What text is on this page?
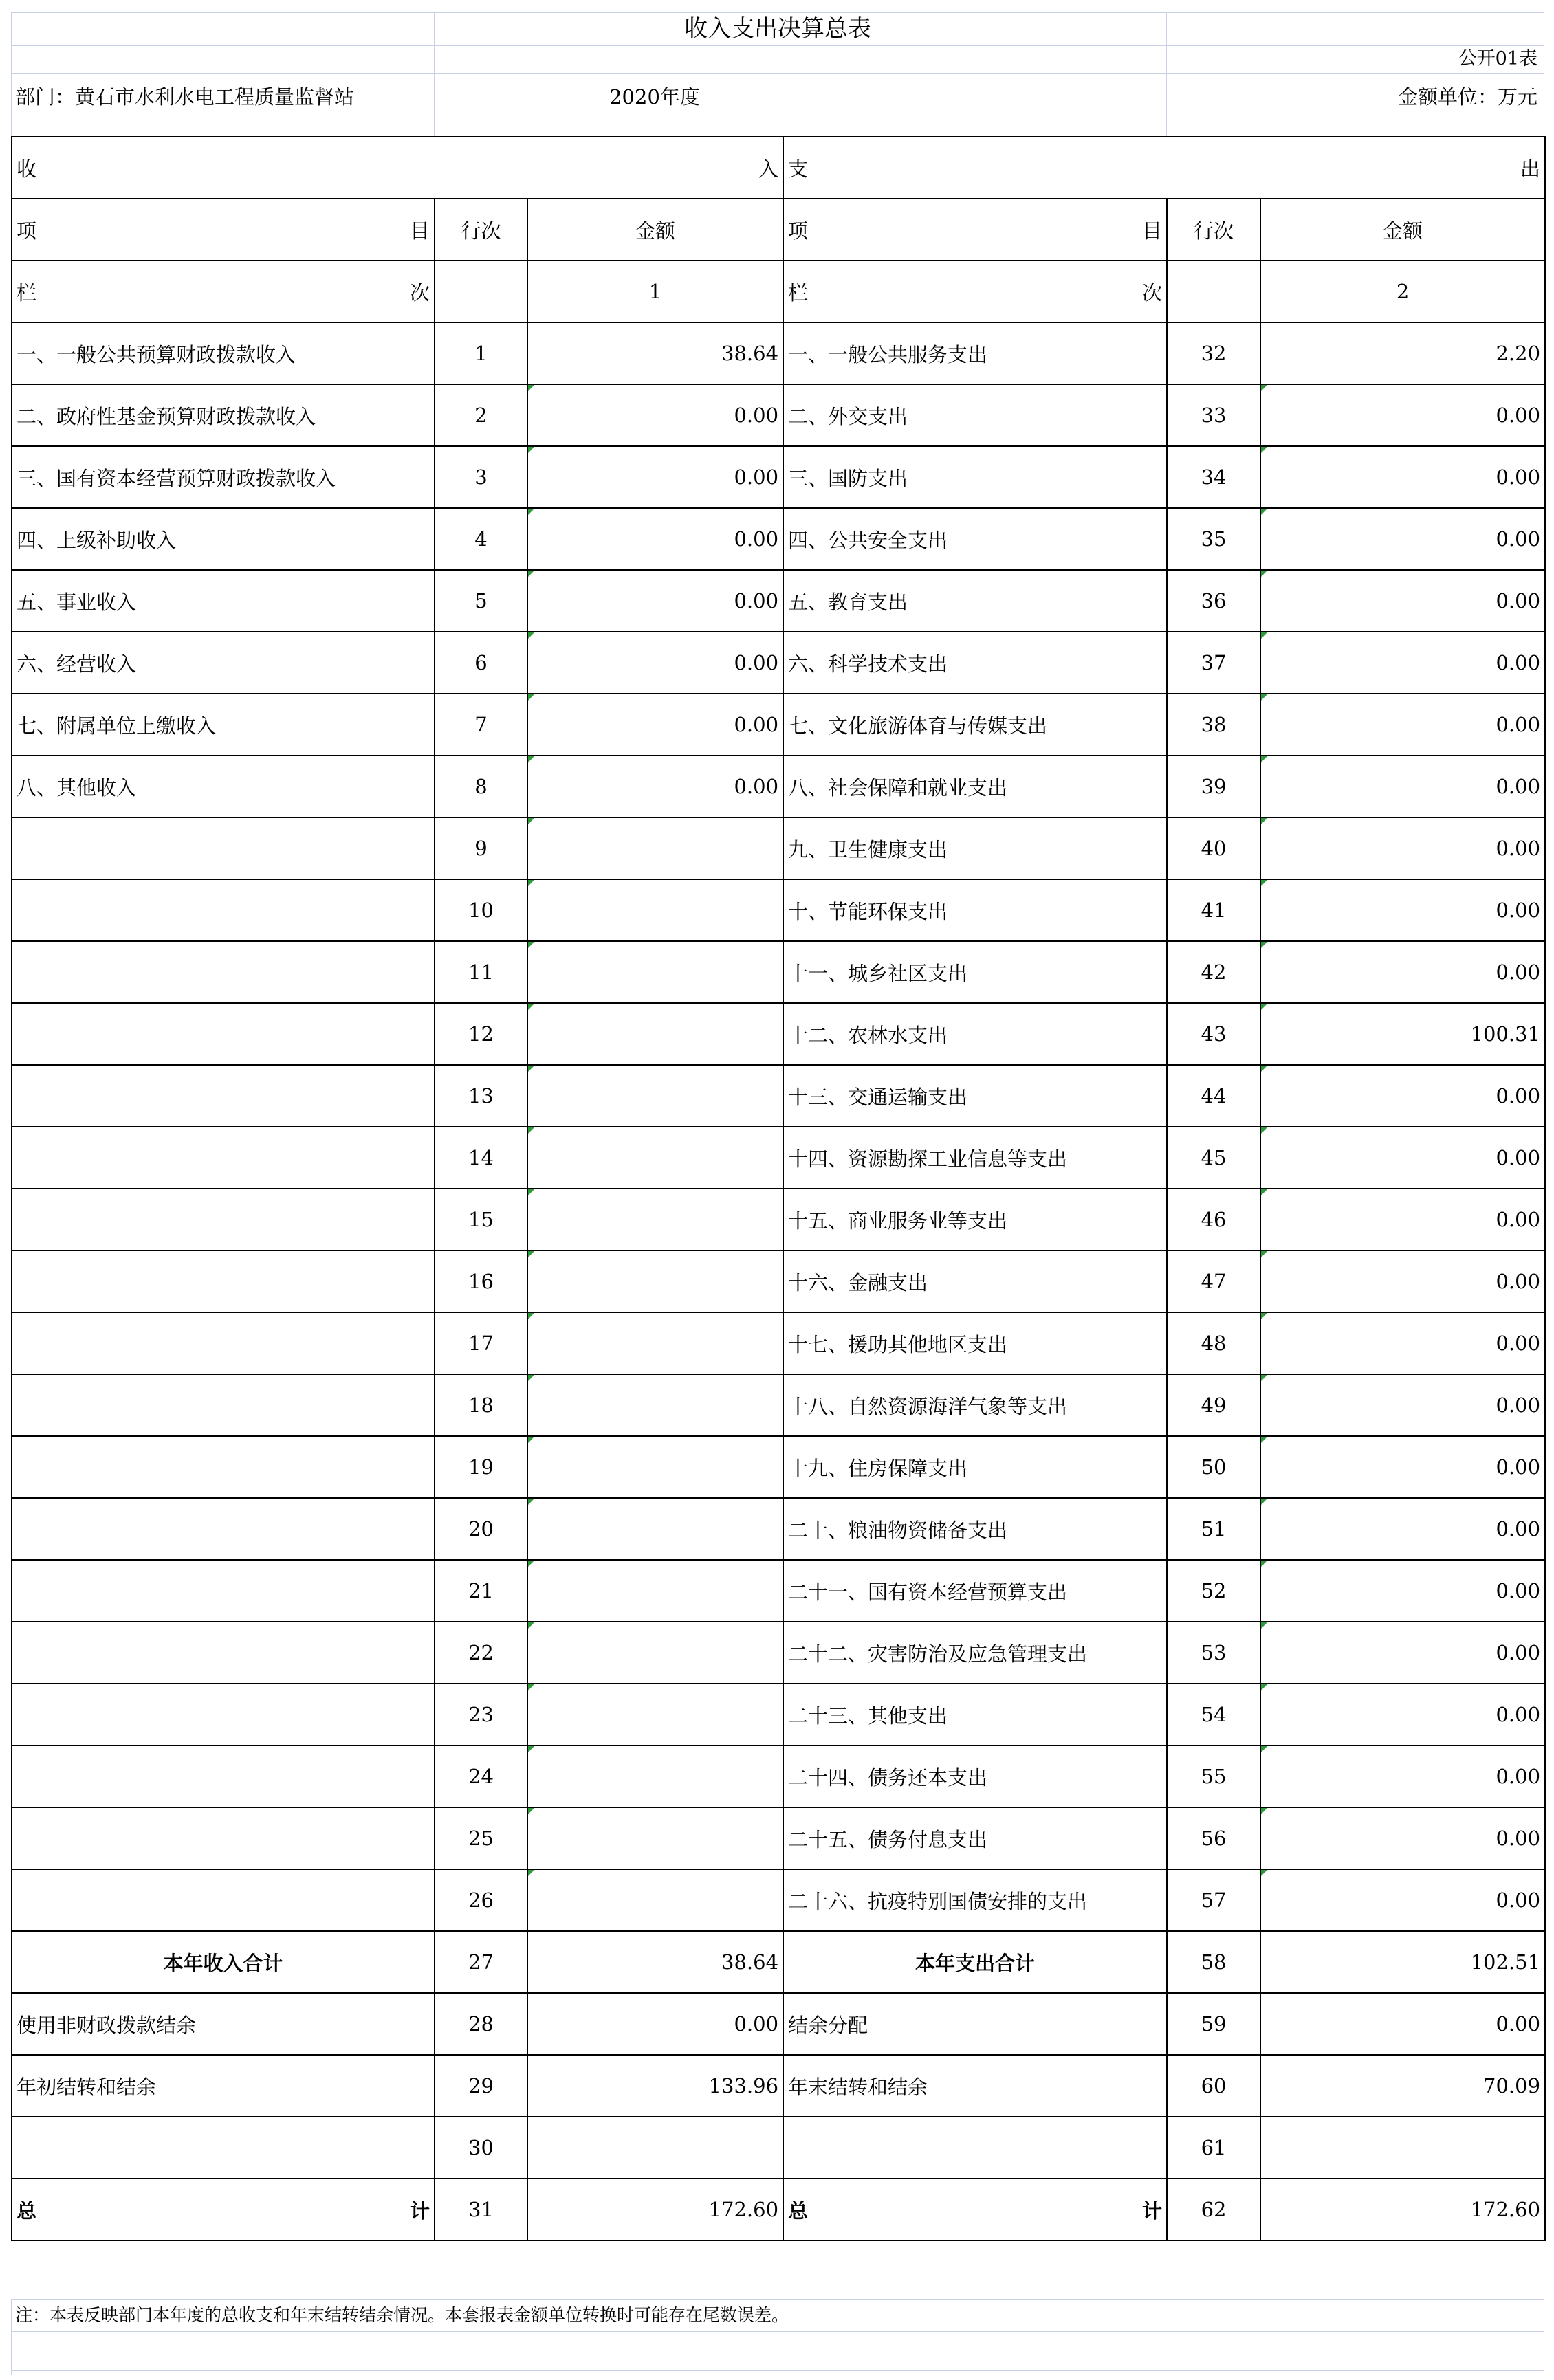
收入支出决算总表
公开01表
部门：黄石市水利水电工程质量监督站	2020年度	金额单位：万元
收 入			支 出		

项 目	行次	金额	项 目	行次	金额

栏 次		1	栏 次		2
一、一般公共预算财政拨款收入	1	38.64	一、一般公共服务支出	32	2.20
二、政府性基金预算财政拨款收入	2	0.00	二、外交支出	33	0.00
三、国有资本经营预算财政拨款收入	3	0.00	三、国防支出	34	0.00
四、上级补助收入	4	0.00	四、公共安全支出	35	0.00
五、事业收入	5	0.00	五、教育支出	36	0.00
六、经营收入	6	0.00	六、科学技术支出	37	0.00
七、附属单位上缴收入	7	0.00	七、文化旅游体育与传媒支出	38	0.00
八、其他收入	8	0.00	八、社会保障和就业支出	39	0.00
	9		九、卫生健康支出	40	0.00
	10		十、节能环保支出	41	0.00
	11		十一、城乡社区支出	42	0.00
	12		十二、农林水支出	43	100.31
	13		十三、交通运输支出	44	0.00
	14		十四、资源勘探工业信息等支出	45	0.00
	15		十五、商业服务业等支出	46	0.00
	16		十六、金融支出	47	0.00
	17		十七、援助其他地区支出	48	0.00
	18		十八、自然资源海洋气象等支出	49	0.00
	19		十九、住房保障支出	50	0.00
	20		二十、粮油物资储备支出	51	0.00
	21		二十一、国有资本经营预算支出	52	0.00
	22		二十二、灾害防治及应急管理支出	53	0.00
	23		二十三、其他支出	54	0.00
	24		二十四、债务还本支出	55	0.00
	25		二十五、债务付息支出	56	0.00
	26		二十六、抗疫特别国债安排的支出	57	0.00
本年收入合计	27	38.64	本年支出合计	58	102.51
使用非财政拨款结余	28	0.00	结余分配	59	0.00
年初结转和结余	29	133.96	年末结转和结余	60	70.09
	30			61	

总 计	31	172.60	总 计	62	172.60
注：本表反映部门本年度的总收支和年末结转结余情况。本套报表金额单位转换时可能存在尾数误差。
